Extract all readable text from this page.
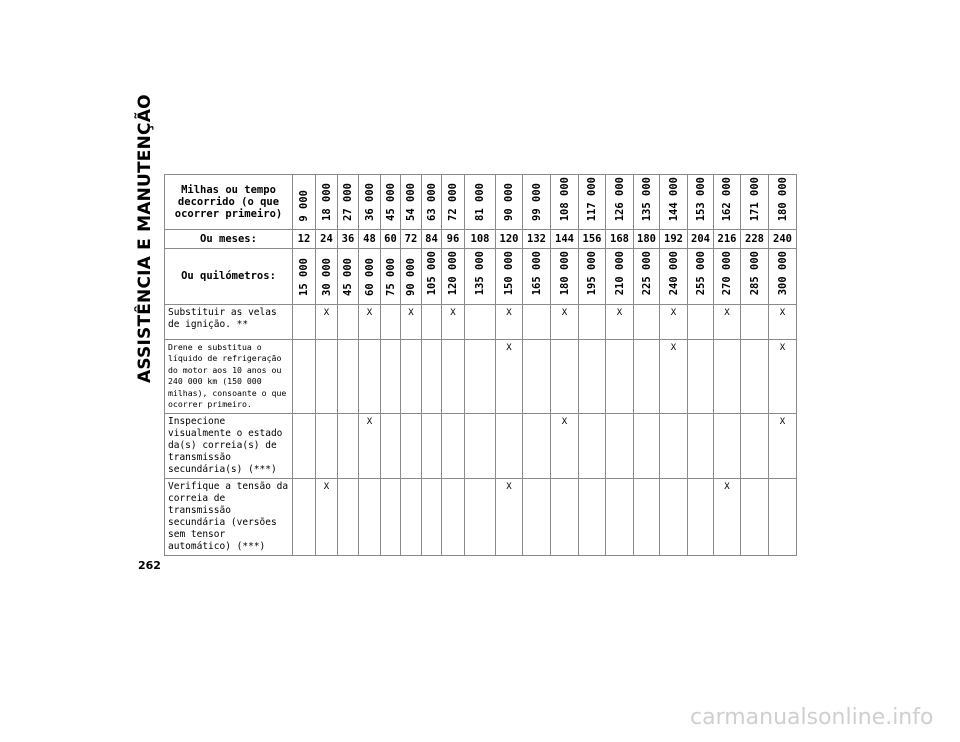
ASSISTÊNCIA E MANUTENÇÃO Milhas ou tempo decorrido (o que ocorrer primeiro)	9 000	18 000	27 000	36 000	45 000	54 000	63 000	72 000	81 000	90 000	99 000	108 000	117 000	126 000	135 000	144 000	153 000	162 000	171 000	180 000
Ou meses:	12	24	36	48	60	72	84	96	108	120	132	144	156	168	180	192	204	216	228	240
Ou quilómetros:	15 000	30 000	45 000	60 000	75 000	90 000	105 000	120 000	135 000	150 000	165 000	180 000	195 000	210 000	225 000	240 000	255 000	270 000	285 000	300 000
Substituir as velas de ignição. **		X		X		X		X		X		X		X		X		X		X
Drene e substitua o líquido de refrigeração do motor aos 10 anos ou 240 000 km (150 000 milhas), consoante o que ocorrer primeiro.										X						X				X
Inspecione visualmente o estado da(s) correia(s) de transmissão secundária(s) (***)				X								X								X
Verifique a tensão da correia de transmissão secundária (versões sem tensor automático) (***)		X								X								X		
262
carmanualsonline.info
